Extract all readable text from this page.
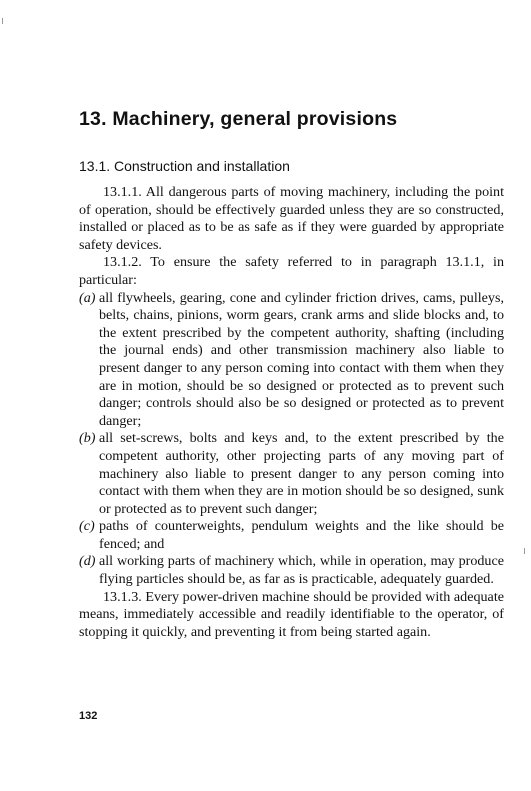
13. Machinery, general provisions
13.1. Construction and installation

13.1.1. All dangerous parts of moving machinery, including the point of operation, should be effectively guarded unless they are so constructed, installed or placed as to be as safe as if they were guarded by appropriate safety devices.

13.1.2. To ensure the safety referred to in paragraph 13.1.1, in particular:

(a) all flywheels, gearing, cone and cylinder friction drives, cams, pulleys, belts, chains, pinions, worm gears, crank arms and slide blocks and, to the extent prescribed by the competent authority, shafting (including the journal ends) and other transmission machinery also liable to present danger to any person coming into contact with them when they are in motion, should be so designed or protected as to prevent such danger; controls should also be so designed or protected as to prevent danger;
(b) all set-screws, bolts and keys and, to the extent prescribed by the competent authority, other projecting parts of any moving part of machinery also liable to present danger to any person coming into contact with them when they are in motion should be so designed, sunk or protected as to prevent such danger;
(c) paths of counterweights, pendulum weights and the like should be fenced; and
(d) all working parts of machinery which, while in operation, may produce flying particles should be, as far as is practicable, adequately guarded.

13.1.3. Every power-driven machine should be provided with adequate means, immediately accessible and readily identifiable to the operator, of stopping it quickly, and preventing it from being started again.

132
